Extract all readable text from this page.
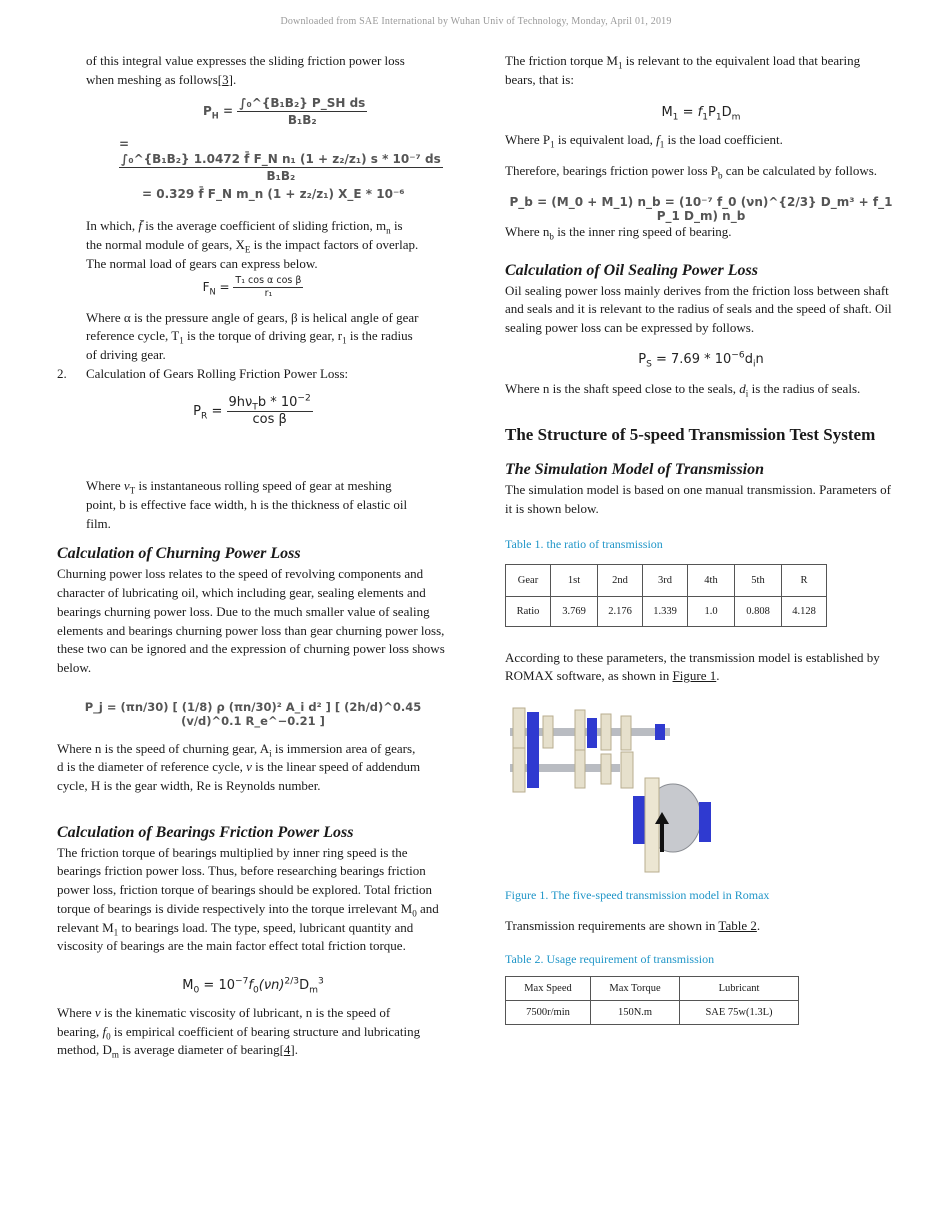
Downloaded from SAE International by Wuhan Univ of Technology, Monday, April 01, 2019

of this integral value expresses the sliding friction power loss
when meshing as follows[3].

$P_H = \frac{\text{∫₀\textasciicircum{}\{B₁B₂\} P\_SH ds}}{\text{B₁B₂}}$
=
$\frac{\text{∫₀\textasciicircum{}\{B₁B₂\} 1.0472 f̄ F\_N n₁ (1 + z₂/z₁) s * 10⁻⁷ ds}}{\text{B₁B₂}}$
= 0.329 f̄ F_N m_n (1 + z₂/z₁) X_E * 10⁻⁶

In which, f̄ is the average coefficient of sliding friction, $m_n$ is
the normal module of gears, $X_E$ is the impact factors of overlap.
The normal load of gears can express below.

$F_N = \frac{\text{T₁ cos α cos β}}{\text{r₁}}$

Where α is the pressure angle of gears, β is helical angle of gear
reference cycle, $T_1$ is the torque of driving gear, $r_1$ is the radius
of driving gear.

2.	Calculation of Gears Rolling Friction Power Loss:
$P_R = \frac{9h\nu_Tb * 10^{-2}}{\text{cos β}}$

Where $v_T$ is instantaneous rolling speed of gear at meshing
point, b is effective face width, h is the thickness of elastic oil
film.

Calculation of Churning Power Loss

Churning power loss relates to the speed of revolving components and character of lubricating oil, which including gear, sealing elements and bearings churning power loss. Due to the much smaller value of sealing elements and bearings churning power loss than gear churning power loss, these two can be ignored and the expression of churning power loss shows below.

P_j = (πn/30) [ (1/8) ρ (πn/30)² A_i d² ] [ (2h/d)^0.45 (v/d)^0.1 R_e^−0.21 ]

Where n is the speed of churning gear, $A_i$ is immersion area of gears,
d is the diameter of reference cycle, v is the linear speed of addendum
cycle, H is the gear width, Re is Reynolds number.

Calculation of Bearings Friction Power Loss

The friction torque of bearings multiplied by inner ring speed is the bearings friction power loss. Thus, before researching bearings friction power loss, friction torque of bearings should be explored. Total friction torque of bearings is divide respectively into the torque irrelevant $M_0$ and relevant $M_1$ to bearings load. The type, speed, lubricant quantity and viscosity of bearings are the main factor effect total friction torque.

$M_0 = 10^{-7}f_0(\nu n)^{2/3}D_m^3$

Where v is the kinematic viscosity of lubricant, n is the speed of
bearing, $f_0$ is empirical coefficient of bearing structure and lubricating
method, $D_m$ is average diameter of bearing[4].

The friction torque $M_1$ is relevant to the equivalent load that bearing
bears, that is:

$M_1 = f_1P_1D_m$

Where $P_1$ is equivalent load, $f_1$ is the load coefficient.

Therefore, bearings friction power loss $P_b$ can be calculated by follows.

P_b = (M_0 + M_1) n_b = (10⁻⁷ f_0 (νn)^{2/3} D_m³ + f_1 P_1 D_m) n_b

Where $n_b$ is the inner ring speed of bearing.

Calculation of Oil Sealing Power Loss

Oil sealing power loss mainly derives from the friction loss between shaft and seals and it is relevant to the radius of seals and the speed of shaft. Oil sealing power loss can be expressed by follows.

$P_S = 7.69 * 10^{-6}d_in$

Where n is the shaft speed close to the seals, $d_i$ is the radius of seals.

The Structure of 5-speed Transmission Test System
The Simulation Model of Transmission

The simulation model is based on one manual transmission. Parameters of it is shown below.

Table 1. the ratio of transmission
Gear	1st	2nd	3rd	4th	5th	R
Ratio	3.769	2.176	1.339	1.0	0.808	4.128

According to these parameters, the transmission model is established by ROMAX software, as shown in Figure 1.

Figure 1. The five-speed transmission model in Romax

Transmission requirements are shown in Table 2.

Table 2. Usage requirement of transmission
Max Speed	Max Torque	Lubricant
7500r/min	150N.m	SAE 75w(1.3L)
